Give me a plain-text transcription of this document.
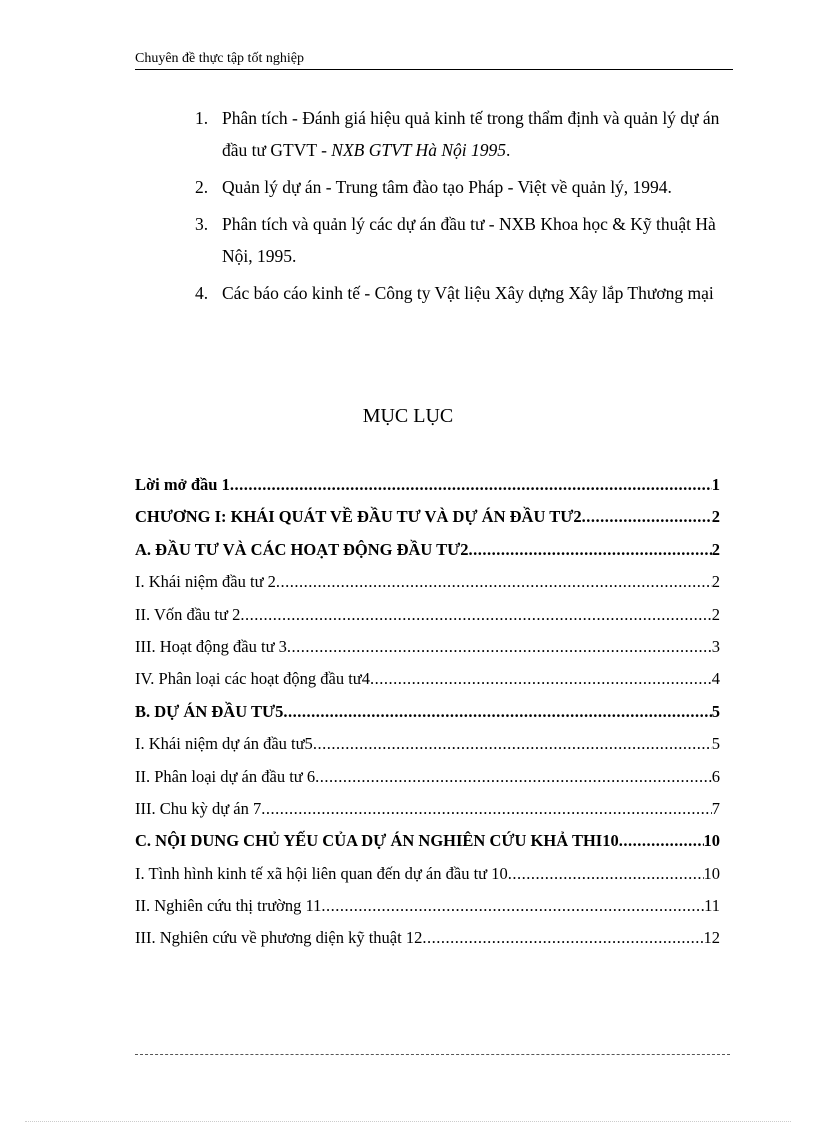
Chuyên đề thực tập tốt nghiệp
1. Phân tích - Đánh giá hiệu quả kinh tế trong thẩm định và quản lý dự án đầu tư GTVT - NXB GTVT Hà Nội 1995.
2. Quản lý dự án - Trung tâm đào tạo Pháp - Việt về quản lý, 1994.
3. Phân tích và quản lý các dự án đầu tư - NXB Khoa học & Kỹ thuật Hà Nội, 1995.
4. Các báo cáo kinh tế - Công ty Vật liệu Xây dựng Xây lắp Thương mại
MỤC LỤC
Lời mở đầu 1 .....	1
CHƯƠNG I: KHÁI QUÁT VỀ ĐẦU TƯ VÀ DỰ ÁN ĐẦU TƯ2 .....	2
A. ĐẦU TƯ VÀ CÁC HOẠT ĐỘNG ĐẦU TƯ2 .....	2
I. Khái niệm đầu tư 2 .....	2
II. Vốn đầu tư 2 .....	2
III. Hoạt động đầu tư 3 .....	3
IV. Phân loại các hoạt động đầu tư4 .....	4
B. DỰ ÁN ĐẦU TƯ5 .....	5
I. Khái niệm dự án đầu tư5 .....	5
II. Phân loại dự án đầu tư 6 .....	6
III. Chu kỳ dự án 7 .....	7
C. NỘI DUNG CHỦ YẾU CỦA DỰ ÁN NGHIÊN CỨU KHẢ THI10 .....	10
I. Tình hình kinh tế xã hội liên quan đến dự án đầu tư 10 .....	10
II. Nghiên cứu thị trường 11 .....	11
III. Nghiên cứu về phương diện kỹ thuật 12 .....	12
